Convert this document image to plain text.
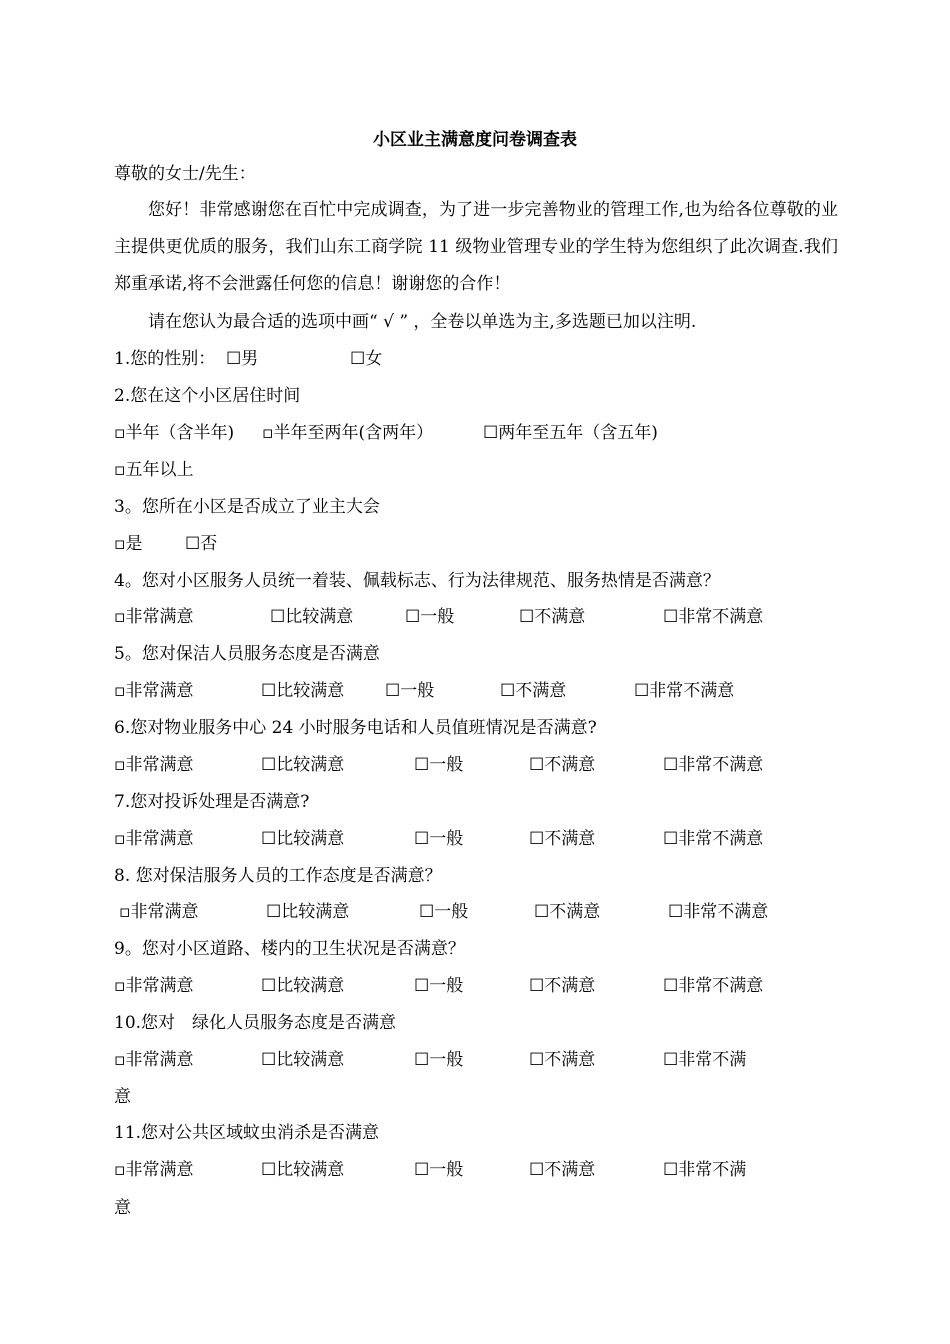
小区业主满意度问卷调查表
尊敬的女士/先生：
您好！非常感谢您在百忙中完成调查，为了进一步完善物业的管理工作,也为给各位尊敬的业主提供更优质的服务，我们山东工商学院 11 级物业管理专业的学生特为您组织了此次调查.我们郑重承诺,将不会泄露任何您的信息！谢谢您的合作！
请在您认为最合适的选项中画“ √ ” ，全卷以单选为主,多选题已加以注明.
1.您的性别： ☐男	☐女
2.您在这个小区居住时间
▫半年（含半年) ▫半年至两年(含两年）	☐两年至五年（含五年)
▫五年以上
3。您所在小区是否成立了业主大会
▫是 ☐否
4。您对小区服务人员统一着装、佩载标志、行为法律规范、服务热情是否满意？
▫非常满意	☐比较满意	☐一般	☐不满意	☐非常不满意
5。您对保洁人员服务态度是否满意
▫非常满意	☐比较满意 ☐一般	☐不满意	☐非常不满意
6.您对物业服务中心 24 小时服务电话和人员值班情况是否满意?
▫非常满意	☐比较满意	☐一般	☐不满意	☐非常不满意
7.您对投诉处理是否满意?
▫非常满意	☐比较满意	☐一般	☐不满意	☐非常不满意
8. 您对保洁服务人员的工作态度是否满意？
▫非常满意	☐比较满意	☐一般	☐不满意	☐非常不满意
9。您对小区道路、楼内的卫生状况是否满意？
▫非常满意	☐比较满意	☐一般	☐不满意	☐非常不满意
10.您对　绿化人员服务态度是否满意
▫非常满意	☐比较满意	☐一般	☐不满意	☐非常不满
意
11.您对公共区域蚊虫消杀是否满意
▫非常满意	☐比较满意	☐一般	☐不满意	☐非常不满
意
